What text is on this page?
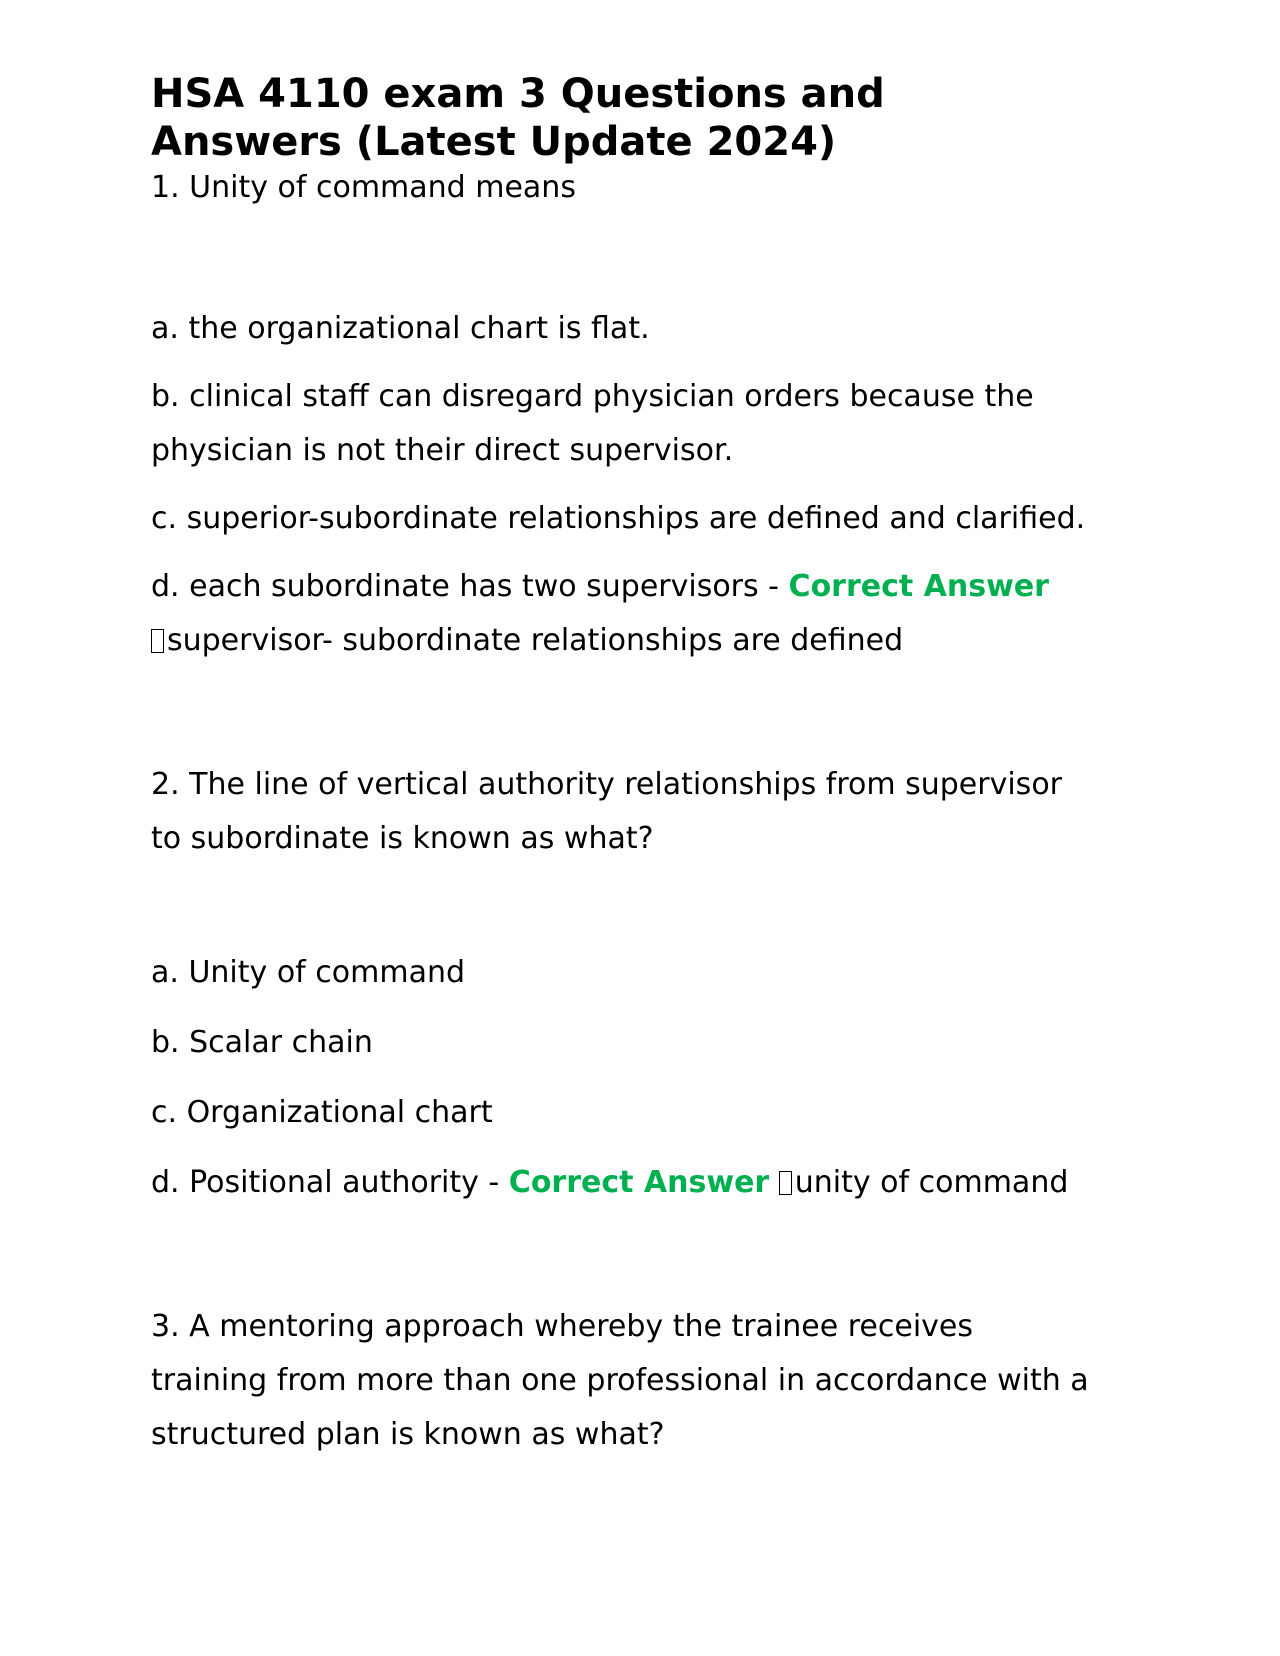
HSA 4110 exam 3 Questions and
Answers (Latest Update 2024)

1. Unity of command means

a. the organizational chart is flat.

b. clinical staff can disregard physician orders because the physician is not their direct supervisor.

c. superior-subordinate relationships are defined and clarified.

d. each subordinate has two supervisors - Correct Answer
supervisor- subordinate relationships are defined

2. The line of vertical authority relationships from supervisor to subordinate is known as what?

a. Unity of command

b. Scalar chain

c. Organizational chart

d. Positional authority - Correct Answer unity of command

3. A mentoring approach whereby the trainee receives training from more than one professional in accordance with a structured plan is known as what?
